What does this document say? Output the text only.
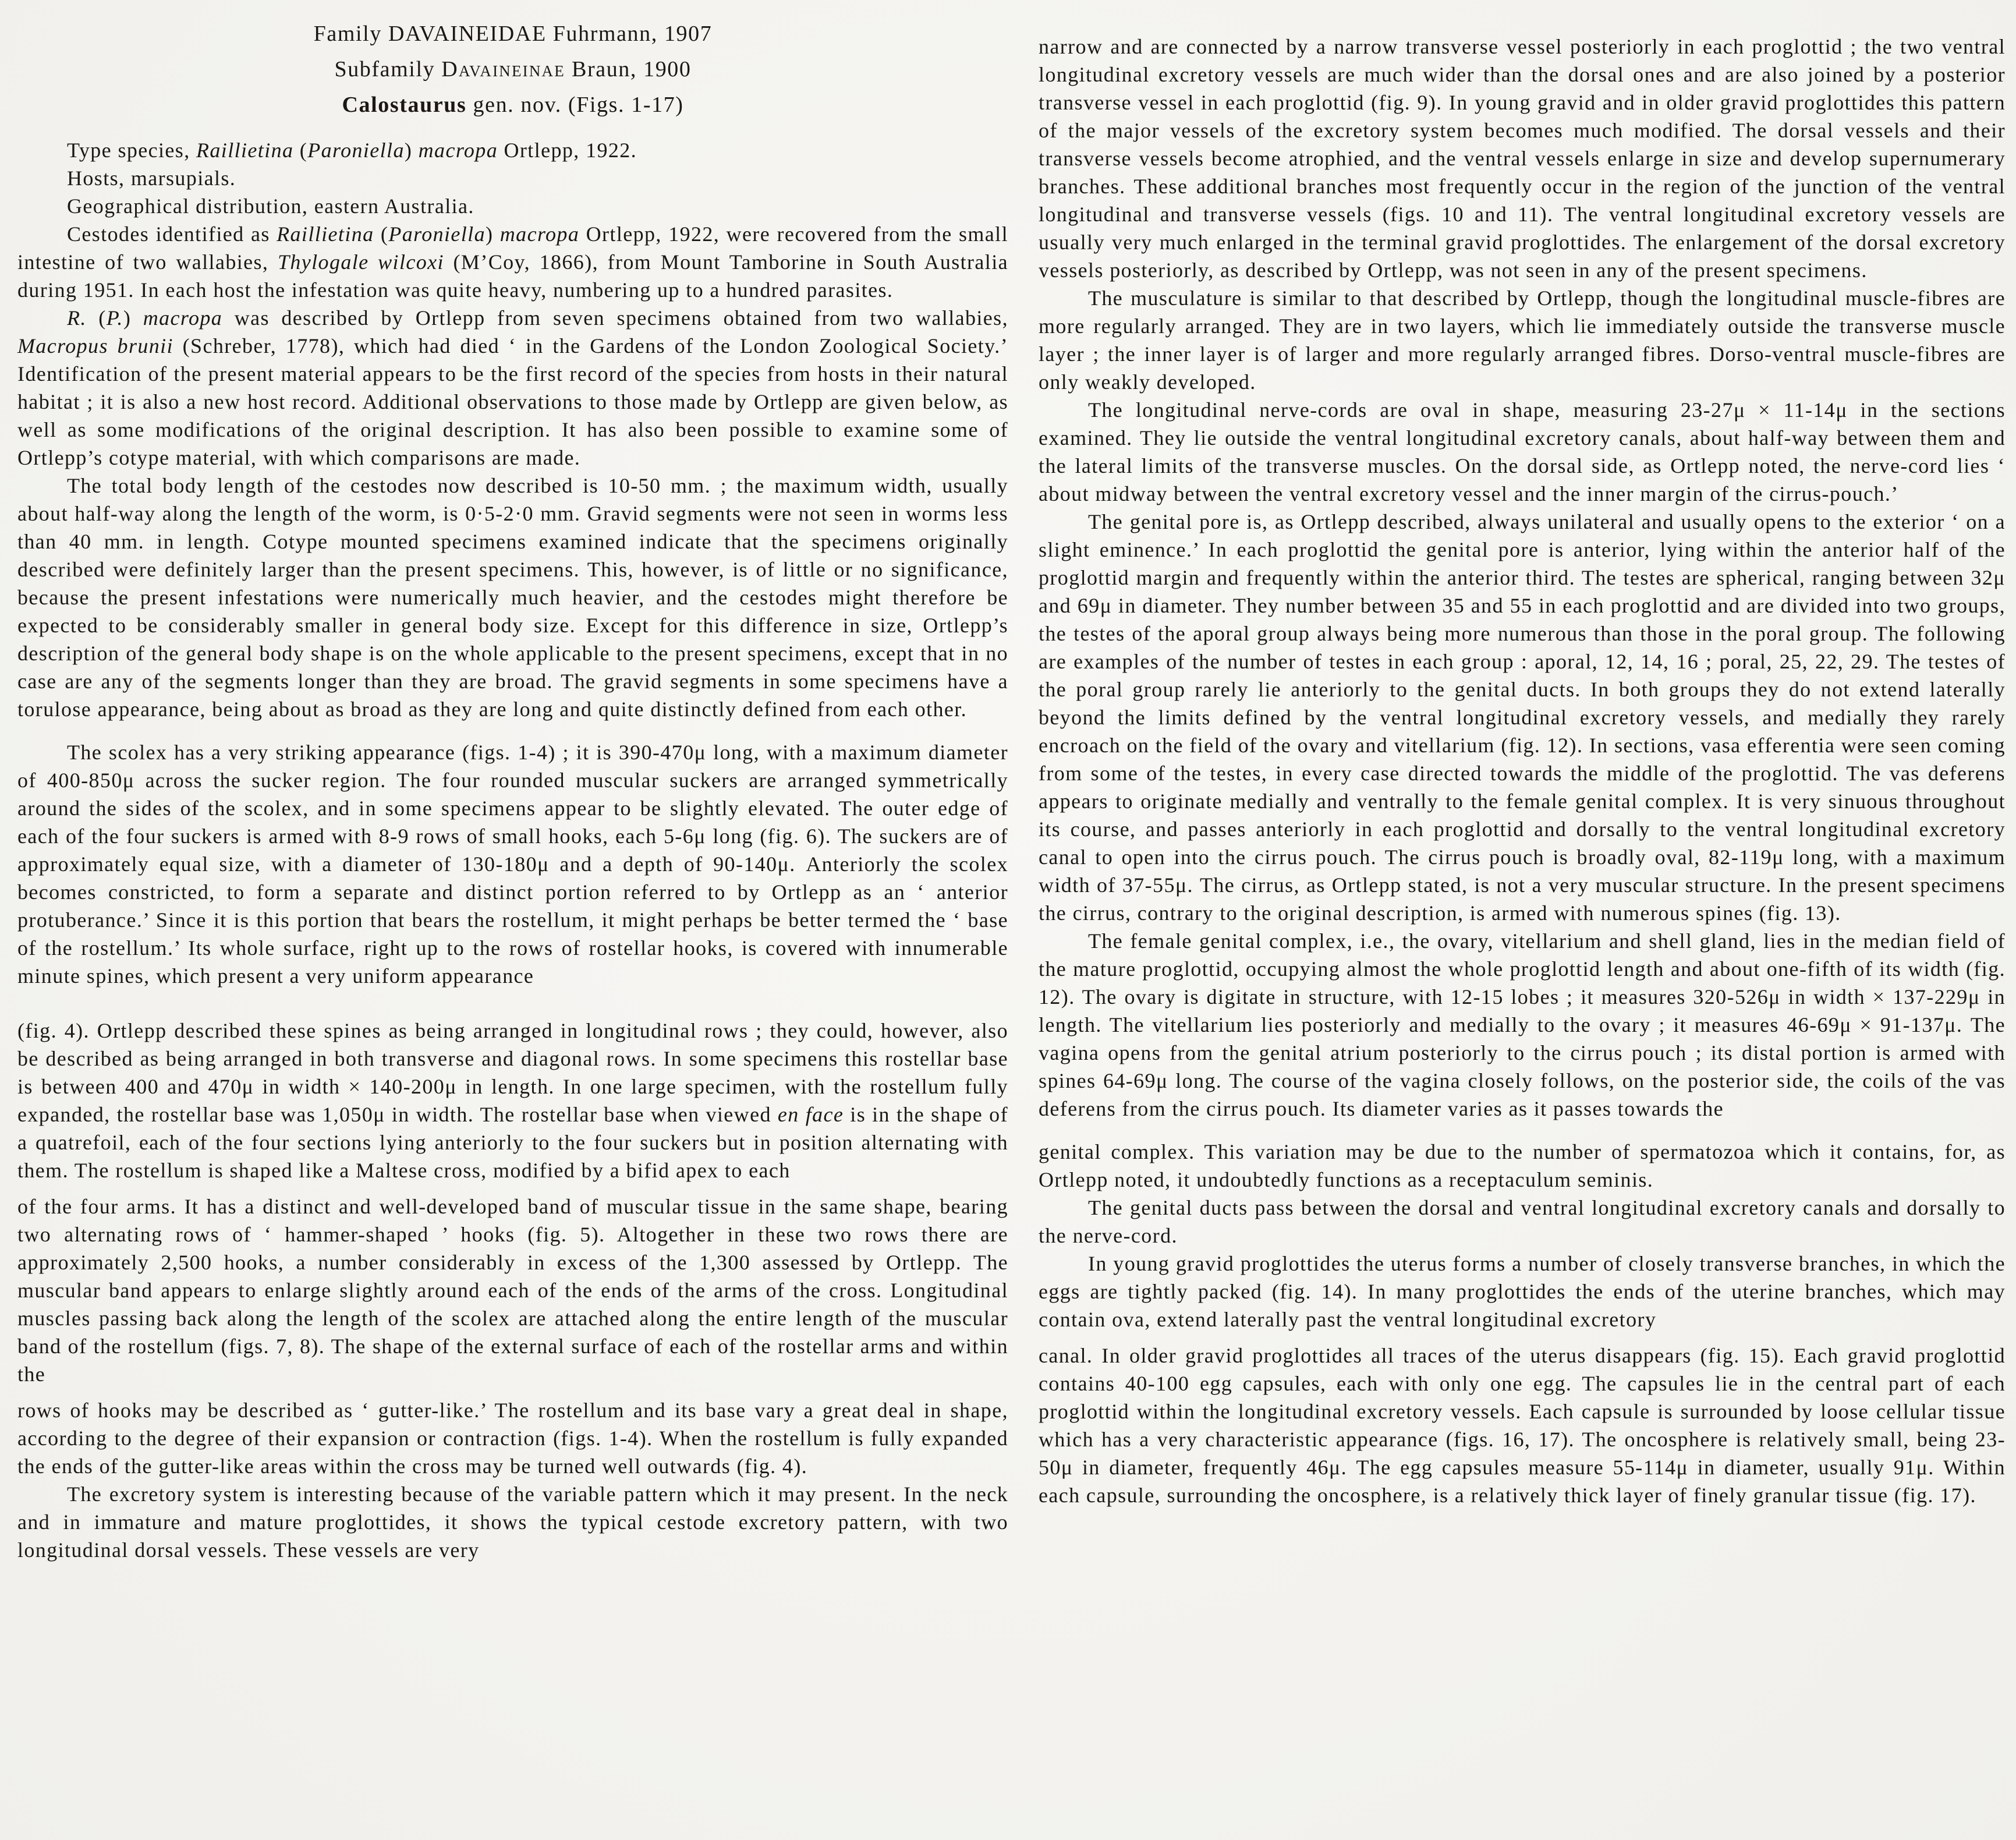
Family DAVAINEIDAE Fuhrmann, 1907
Subfamily Davaineinae Braun, 1900
Calostaurus gen. nov. (Figs. 1-17)
Type species, Raillietina (Paroniella) macropa Ortlepp, 1922.
Hosts, marsupials.
Geographical distribution, eastern Australia.

Cestodes identified as Raillietina (Paroniella) macropa Ortlepp, 1922, were recovered from the small intestine of two wallabies, Thylogale wilcoxi (M’Coy, 1866), from Mount Tamborine in South Australia during 1951. In each host the infestation was quite heavy, numbering up to a hundred parasites.

R. (P.) macropa was described by Ortlepp from seven specimens obtained from two wallabies, Macropus brunii (Schreber, 1778), which had died ‘ in the Gardens of the London Zoological Society.’ Identification of the present material appears to be the first record of the species from hosts in their natural habitat ; it is also a new host record. Additional observations to those made by Ortlepp are given below, as well as some modifications of the original description. It has also been possible to examine some of Ortlepp’s cotype material, with which comparisons are made.

The total body length of the cestodes now described is 10-50 mm. ; the maximum width, usually about half-way along the length of the worm, is 0·5-2·0 mm. Gravid segments were not seen in worms less than 40 mm. in length. Cotype mounted specimens examined indicate that the specimens originally described were definitely larger than the present specimens. This, however, is of little or no significance, because the present infestations were numerically much heavier, and the cestodes might therefore be expected to be considerably smaller in general body size. Except for this difference in size, Ortlepp’s description of the general body shape is on the whole applicable to the present specimens, except that in no case are any of the segments longer than they are broad. The gravid segments in some specimens have a torulose appearance, being about as broad as they are long and quite distinctly defined from each other.

The scolex has a very striking appearance (figs. 1-4) ; it is 390-470μ long, with a maximum diameter of 400-850μ across the sucker region. The four rounded muscular suckers are arranged symmetrically around the sides of the scolex, and in some specimens appear to be slightly elevated. The outer edge of each of the four suckers is armed with 8-9 rows of small hooks, each 5-6μ long (fig. 6). The suckers are of approximately equal size, with a diameter of 130-180μ and a depth of 90-140μ. Anteriorly the scolex becomes constricted, to form a separate and distinct portion referred to by Ortlepp as an ‘ anterior protuberance.’ Since it is this portion that bears the rostellum, it might perhaps be better termed the ‘ base of the rostellum.’ Its whole surface, right up to the rows of rostellar hooks, is covered with innumerable minute spines, which present a very uniform appearance

(fig. 4). Ortlepp described these spines as being arranged in longitudinal rows ; they could, however, also be described as being arranged in both transverse and diagonal rows. In some specimens this rostellar base is between 400 and 470μ in width × 140-200μ in length. In one large specimen, with the rostellum fully expanded, the rostellar base was 1,050μ in width. The rostellar base when viewed en face is in the shape of a quatrefoil, each of the four sections lying anteriorly to the four suckers but in position alternating with them. The rostellum is shaped like a Maltese cross, modified by a bifid apex to each

of the four arms. It has a distinct and well-developed band of muscular tissue in the same shape, bearing two alternating rows of ‘ hammer-shaped ’ hooks (fig. 5). Altogether in these two rows there are approximately 2,500 hooks, a number considerably in excess of the 1,300 assessed by Ortlepp. The muscular band appears to enlarge slightly around each of the ends of the arms of the cross. Longitudinal muscles passing back along the length of the scolex are attached along the entire length of the muscular band of the rostellum (figs. 7, 8). The shape of the external surface of each of the rostellar arms and within the

rows of hooks may be described as ‘ gutter-like.’ The rostellum and its base vary a great deal in shape, according to the degree of their expansion or contraction (figs. 1-4). When the rostellum is fully expanded the ends of the gutter-like areas within the cross may be turned well outwards (fig. 4).

The excretory system is interesting because of the variable pattern which it may present. In the neck and in immature and mature proglottides, it shows the typical cestode excretory pattern, with two longitudinal dorsal vessels. These vessels are very

narrow and are connected by a narrow transverse vessel posteriorly in each proglottid ; the two ventral longitudinal excretory vessels are much wider than the dorsal ones and are also joined by a posterior transverse vessel in each proglottid (fig. 9). In young gravid and in older gravid proglottides this pattern of the major vessels of the excretory system becomes much modified. The dorsal vessels and their transverse vessels become atrophied, and the ventral vessels enlarge in size and develop supernumerary branches. These additional branches most frequently occur in the region of the junction of the ventral longitudinal and transverse vessels (figs. 10 and 11). The ventral longitudinal excretory vessels are usually very much enlarged in the terminal gravid proglottides. The enlargement of the dorsal excretory vessels posteriorly, as described by Ortlepp, was not seen in any of the present specimens.

The musculature is similar to that described by Ortlepp, though the longitudinal muscle-fibres are more regularly arranged. They are in two layers, which lie immediately outside the transverse muscle layer ; the inner layer is of larger and more regularly arranged fibres. Dorso-ventral muscle-fibres are only weakly developed.

The longitudinal nerve-cords are oval in shape, measuring 23-27μ × 11-14μ in the sections examined. They lie outside the ventral longitudinal excretory canals, about half-way between them and the lateral limits of the transverse muscles. On the dorsal side, as Ortlepp noted, the nerve-cord lies ‘ about midway between the ventral excretory vessel and the inner margin of the cirrus-pouch.’

The genital pore is, as Ortlepp described, always unilateral and usually opens to the exterior ‘ on a slight eminence.’ In each proglottid the genital pore is anterior, lying within the anterior half of the proglottid margin and frequently within the anterior third. The testes are spherical, ranging between 32μ and 69μ in diameter. They number between 35 and 55 in each proglottid and are divided into two groups, the testes of the aporal group always being more numerous than those in the poral group. The following are examples of the number of testes in each group : aporal, 12, 14, 16 ; poral, 25, 22, 29. The testes of the poral group rarely lie anteriorly to the genital ducts. In both groups they do not extend laterally beyond the limits defined by the ventral longitudinal excretory vessels, and medially they rarely encroach on the field of the ovary and vitellarium (fig. 12). In sections, vasa efferentia were seen coming from some of the testes, in every case directed towards the middle of the proglottid. The vas deferens appears to originate medially and ventrally to the female genital complex. It is very sinuous throughout its course, and passes anteriorly in each proglottid and dorsally to the ventral longitudinal excretory canal to open into the cirrus pouch. The cirrus pouch is broadly oval, 82-119μ long, with a maximum width of 37-55μ. The cirrus, as Ortlepp stated, is not a very muscular structure. In the present specimens the cirrus, contrary to the original description, is armed with numerous spines (fig. 13).

The female genital complex, i.e., the ovary, vitellarium and shell gland, lies in the median field of the mature proglottid, occupying almost the whole proglottid length and about one-fifth of its width (fig. 12). The ovary is digitate in structure, with 12-15 lobes ; it measures 320-526μ in width × 137-229μ in length. The vitellarium lies posteriorly and medially to the ovary ; it measures 46-69μ × 91-137μ. The vagina opens from the genital atrium posteriorly to the cirrus pouch ; its distal portion is armed with spines 64-69μ long. The course of the vagina closely follows, on the posterior side, the coils of the vas deferens from the cirrus pouch. Its diameter varies as it passes towards the

genital complex. This variation may be due to the number of spermatozoa which it contains, for, as Ortlepp noted, it undoubtedly functions as a receptaculum seminis.

The genital ducts pass between the dorsal and ventral longitudinal excretory canals and dorsally to the nerve-cord.

In young gravid proglottides the uterus forms a number of closely transverse branches, in which the eggs are tightly packed (fig. 14). In many proglottides the ends of the uterine branches, which may contain ova, extend laterally past the ventral longitudinal excretory

canal. In older gravid proglottides all traces of the uterus disappears (fig. 15). Each gravid proglottid contains 40-100 egg capsules, each with only one egg. The capsules lie in the central part of each proglottid within the longitudinal excretory vessels. Each capsule is surrounded by loose cellular tissue which has a very characteristic appearance (figs. 16, 17). The oncosphere is relatively small, being 23-50μ in diameter, frequently 46μ. The egg capsules measure 55-114μ in diameter, usually 91μ. Within each capsule, surrounding the oncosphere, is a relatively thick layer of finely granular tissue (fig. 17).
